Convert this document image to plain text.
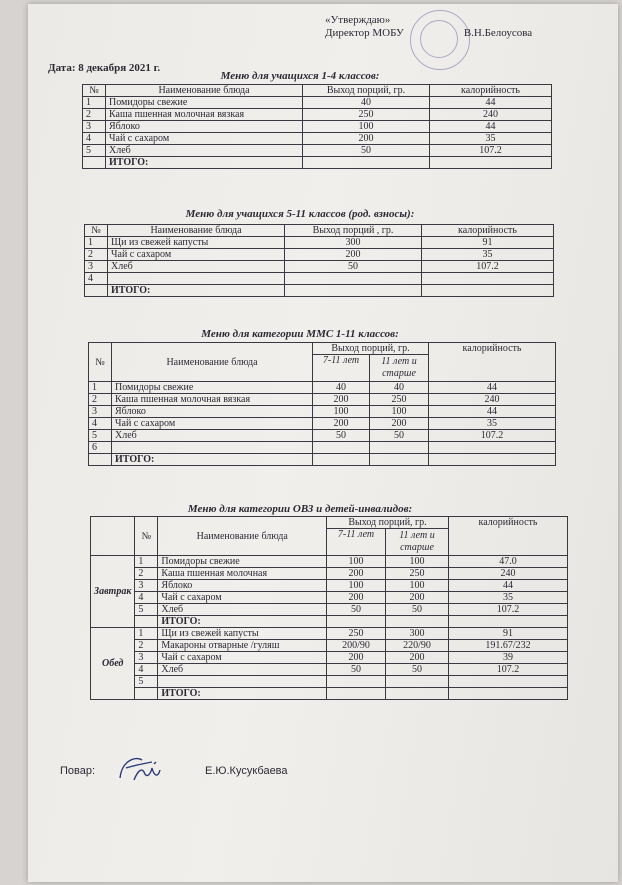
«Утверждаю»
Директор МОБУ	В.Н.Белоусова
Дата: 8 декабря 2021 г.
Меню для учащихся 1-4 классов:
№	Наименование блюда	Выход порций, гр.	калорийность
1	Помидоры свежие	40	44
2	Каша пшенная молочная вязкая	250	240
3	Яблоко	100	44
4	Чай с сахаром	200	35
5	Хлеб	50	107.2
	ИТОГО:		
Меню для учащихся 5-11 классов (род. взносы):
№	Наименование блюда	Выход порций , гр.	калорийность
1	Щи из свежей капусты	300	91
2	Чай с сахаром	200	35
3	Хлеб	50	107.2
4			
	ИТОГО:		
Меню для категории ММС 1-11 классов:
№	Наименование блюда	Выход порций, гр.		калорийность
		7-11 лет	11 лет и старше	
1	Помидоры свежие	40	40	44
2	Каша пшенная молочная вязкая	200	250	240
3	Яблоко	100	100	44
4	Чай с сахаром	200	200	35
5	Хлеб	50	50	107.2
6				
	ИТОГО:			
Меню для категории ОВЗ и детей-инвалидов:
	№	Наименование блюда	Выход порций, гр.		калорийность
			7-11 лет	11 лет и старше	
Завтрак	1	Помидоры свежие	100	100	47.0
	2	Каша пшенная молочная	200	250	240
	3	Яблоко	100	100	44
	4	Чай с сахаром	200	200	35
	5	Хлеб	50	50	107.2
		ИТОГО:			
Обед	1	Щи из свежей капусты	250	300	91
	2	Макароны отварные /гуляш	200/90	220/90	191.67/232
	3	Чай с сахаром	200	200	39
	4	Хлеб	50	50	107.2
	5				
		ИТОГО:			
Повар:	Е.Ю.Кусукбаева
